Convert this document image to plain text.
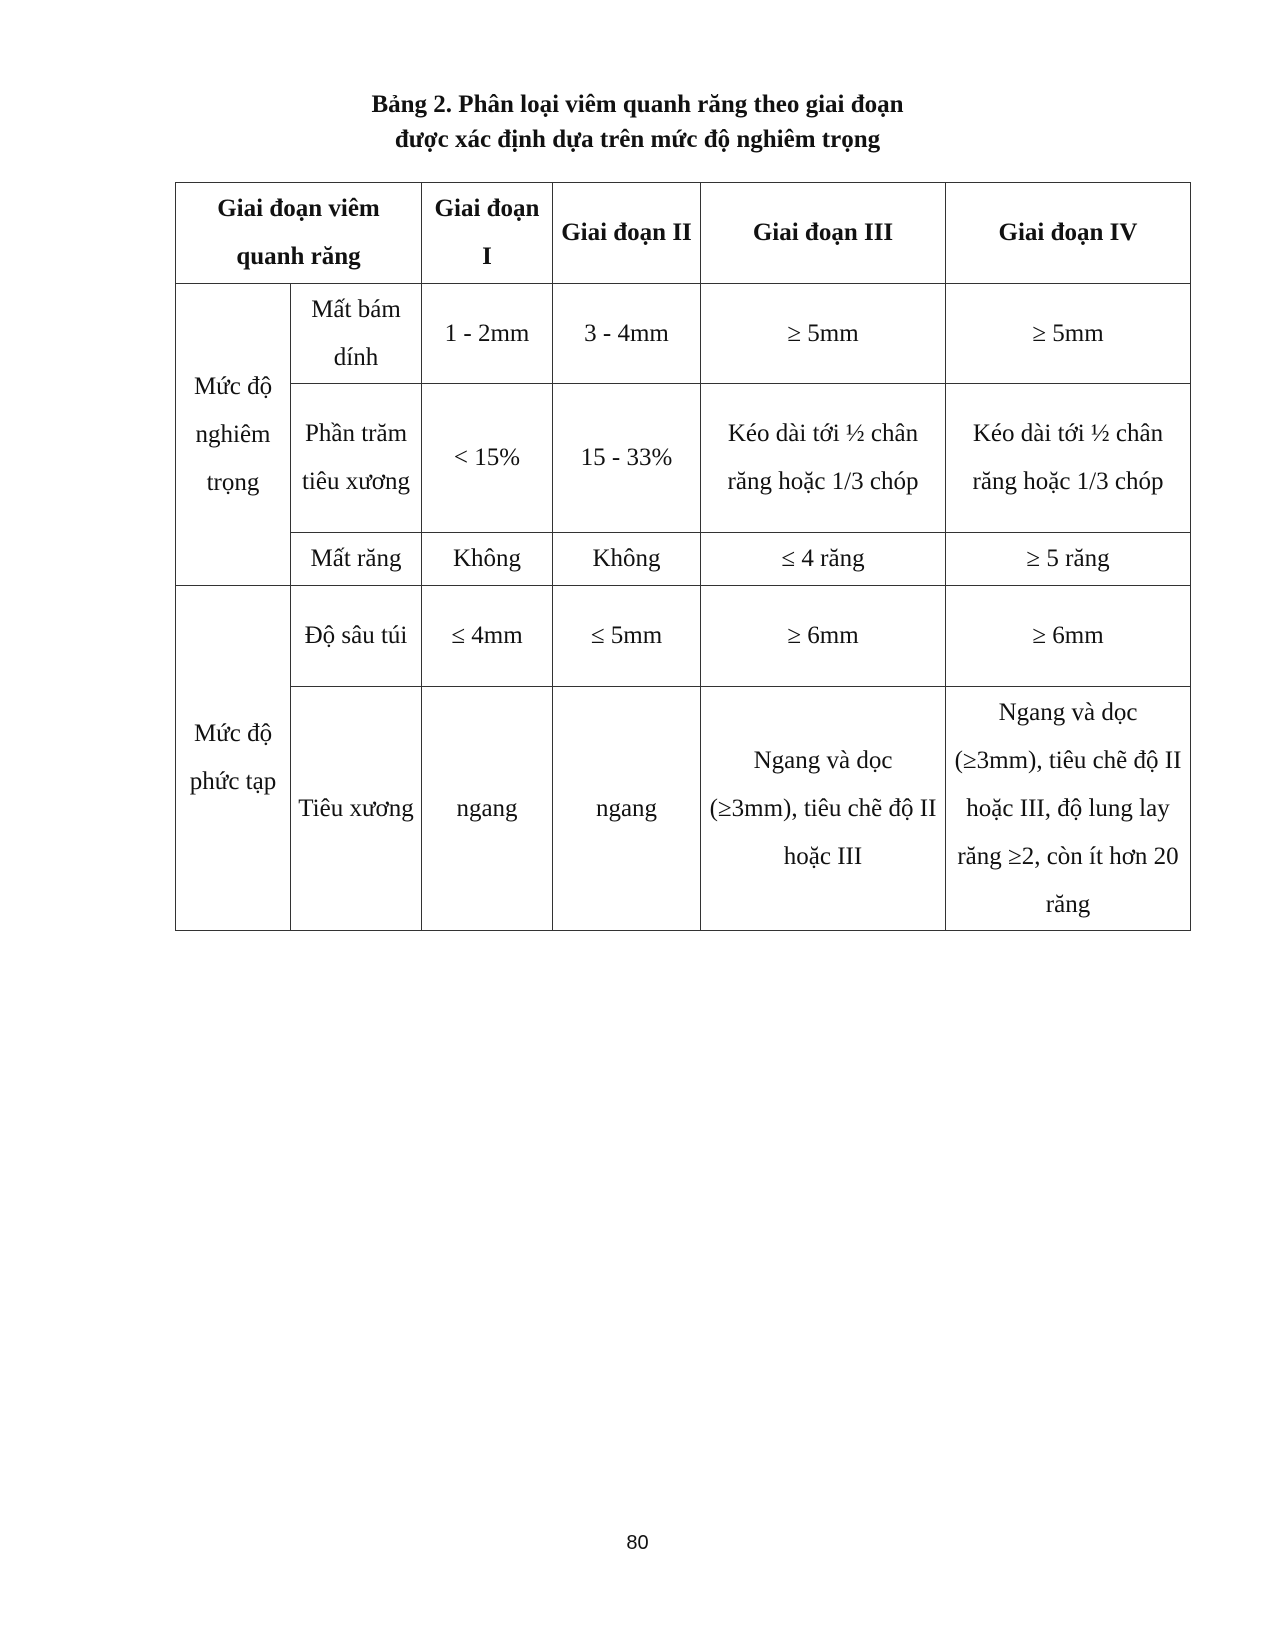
Bảng 2. Phân loại viêm quanh răng theo giai đoạn
được xác định dựa trên mức độ nghiêm trọng
Giai đoạn viêm quanh răng		Giai đoạn I	Giai đoạn II	Giai đoạn III	Giai đoạn IV
Mức độ nghiêm trọng	Mất bám dính	1 - 2mm	3 - 4mm	≥ 5mm	≥ 5mm
	Phần trăm tiêu xương	< 15%	15 - 33%	Kéo dài tới ½ chân răng hoặc 1/3 chóp	Kéo dài tới ½ chân răng hoặc 1/3 chóp
	Mất răng	Không	Không	≤ 4 răng	≥ 5 răng
Mức độ phức tạp	Độ sâu túi	≤ 4mm	≤ 5mm	≥ 6mm	≥ 6mm
	Tiêu xương	ngang	ngang	Ngang và dọc (≥3mm), tiêu chẽ độ II hoặc III	Ngang và dọc (≥3mm), tiêu chẽ độ II hoặc III, độ lung lay răng ≥2, còn ít hơn 20 răng
80
